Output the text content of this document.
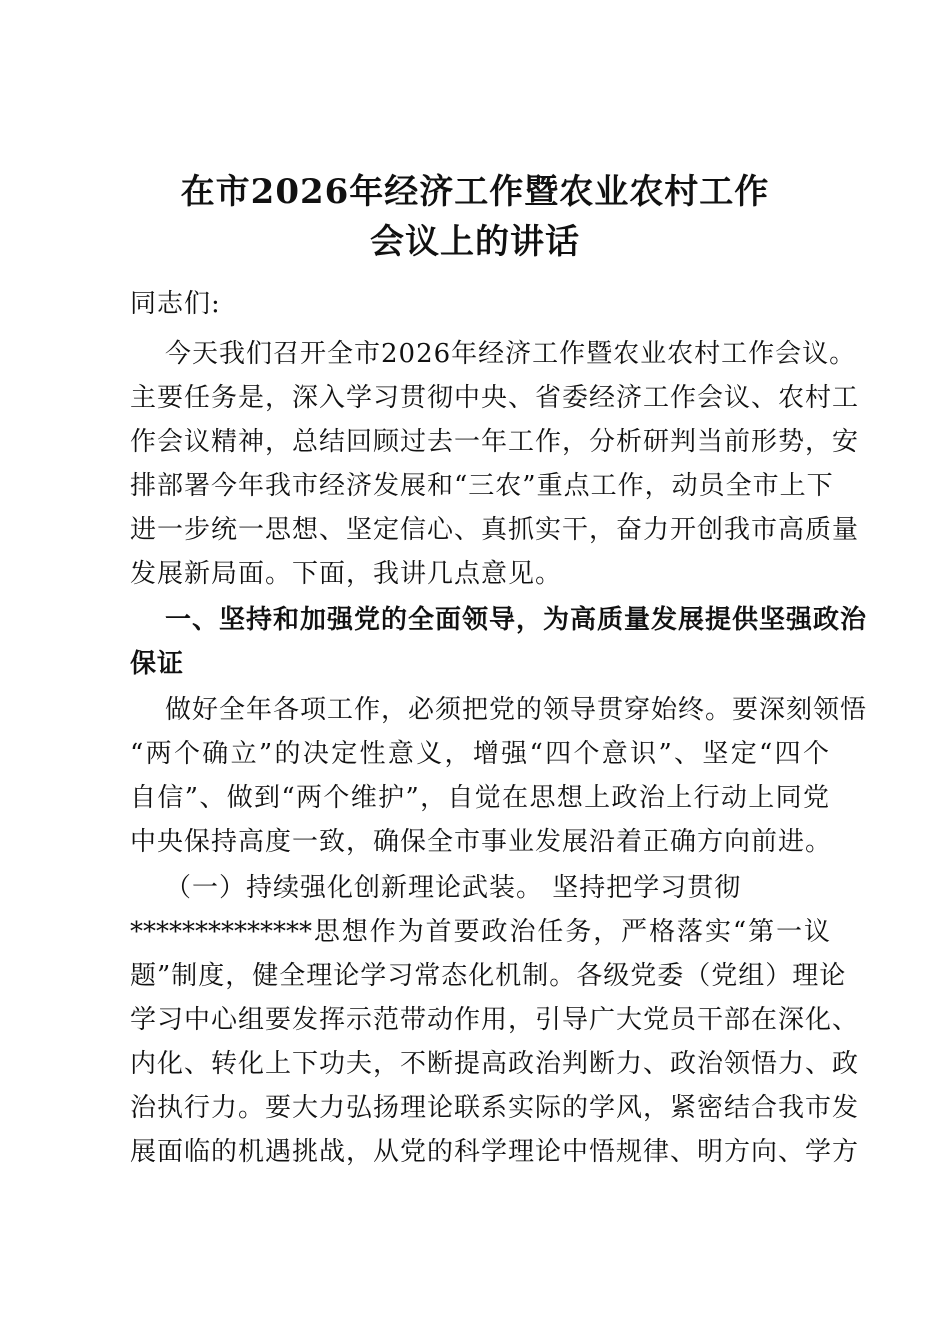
在市2026年经济工作暨农业农村工作
会议上的讲话
同志们:
今天我们召开全市2026年经济工作暨农业农村工作会议。
主要任务是，深入学习贯彻中央、省委经济工作会议、农村工
作会议精神，总结回顾过去一年工作，分析研判当前形势，安
排部署今年我市经济发展和“三农”重点工作，动员全市上下
进一步统一思想、坚定信心、真抓实干，奋力开创我市高质量
发展新局面。下面，我讲几点意见。
一、坚持和加强党的全面领导，为高质量发展提供坚强政治
保证
做好全年各项工作，必须把党的领导贯穿始终。要深刻领悟
“两个确立”的决定性意义，增强“四个意识”、坚定“四个
自信”、做到“两个维护”，自觉在思想上政治上行动上同党
中央保持高度一致，确保全市事业发展沿着正确方向前进。
（一）持续强化创新理论武装。 坚持把学习贯彻
**************思想作为首要政治任务，严格落实“第一议
题”制度，健全理论学习常态化机制。各级党委（党组）理论
学习中心组要发挥示范带动作用，引导广大党员干部在深化、
内化、转化上下功夫，不断提高政治判断力、政治领悟力、政
治执行力。要大力弘扬理论联系实际的学风，紧密结合我市发
展面临的机遇挑战，从党的科学理论中悟规律、明方向、学方
